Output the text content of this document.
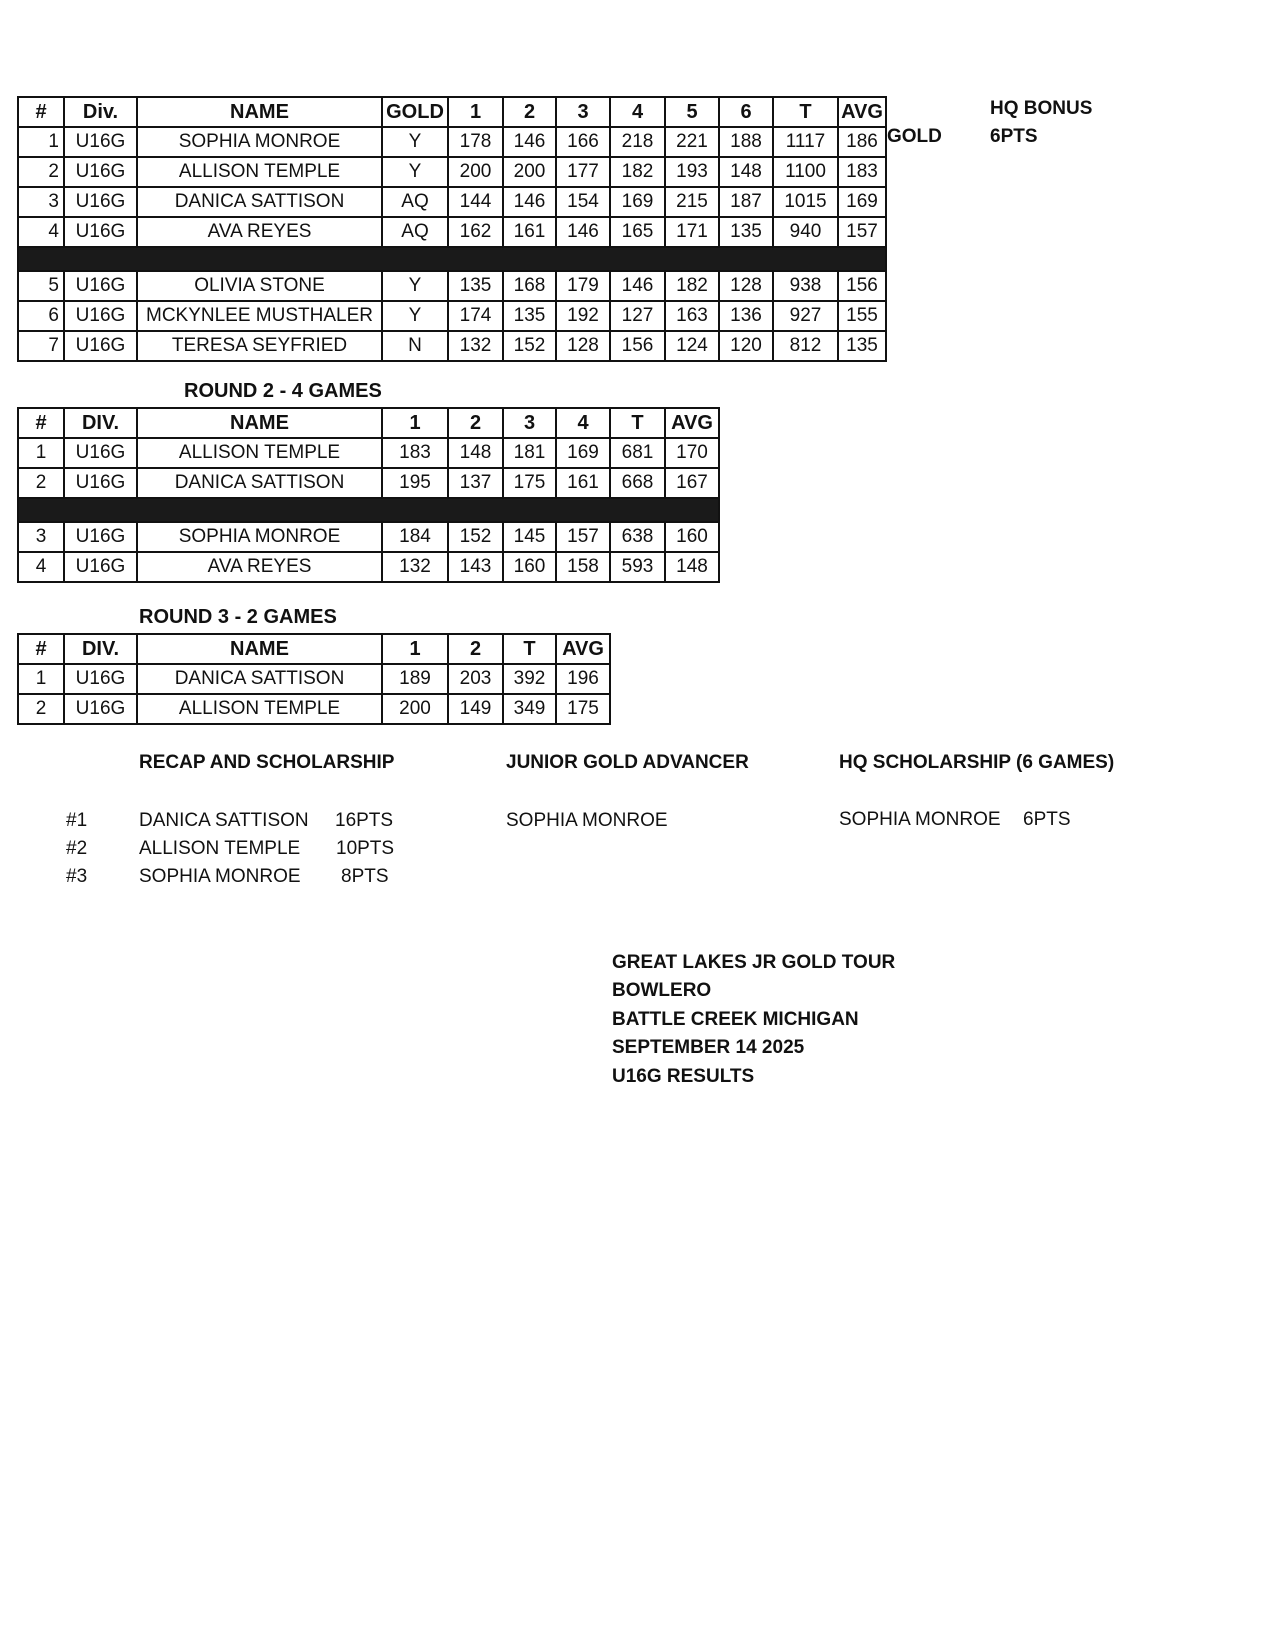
#	Div.	NAME	GOLD	1	2	3	4	5	6	T	AVG
1	U16G	SOPHIA MONROE	Y	178	146	166	218	221	188	1117	186
2	U16G	ALLISON TEMPLE	Y	200	200	177	182	193	148	1100	183
3	U16G	DANICA SATTISON	AQ	144	146	154	169	215	187	1015	169
4	U16G	AVA REYES	AQ	162	161	146	165	171	135	940	157

5	U16G	OLIVIA STONE	Y	135	168	179	146	182	128	938	156
6	U16G	MCKYNLEE MUSTHALER	Y	174	135	192	127	163	136	927	155
7	U16G	TERESA SEYFRIED	N	132	152	128	156	124	120	812	135
GOLD
HQ BONUS
6PTS
ROUND 2 - 4 GAMES
#	DIV.	NAME	1	2	3	4	T	AVG
1	U16G	ALLISON TEMPLE	183	148	181	169	681	170
2	U16G	DANICA SATTISON	195	137	175	161	668	167

3	U16G	SOPHIA MONROE	184	152	145	157	638	160
4	U16G	AVA REYES	132	143	160	158	593	148
ROUND 3 - 2 GAMES
#	DIV.	NAME	1	2	T	AVG
1	U16G	DANICA SATTISON	189	203	392	196
2	U16G	ALLISON TEMPLE	200	149	349	175
RECAP AND SCHOLARSHIP
#1	DANICA SATTISON 16PTS
#2	ALLISON TEMPLE 10PTS
#3	SOPHIA MONROE 8PTS
JUNIOR GOLD ADVANCER
SOPHIA MONROE
HQ SCHOLARSHIP (6 GAMES)
SOPHIA MONROE 6PTS
GREAT LAKES JR GOLD TOUR
BOWLERO
BATTLE CREEK MICHIGAN
SEPTEMBER 14 2025
U16G RESULTS
